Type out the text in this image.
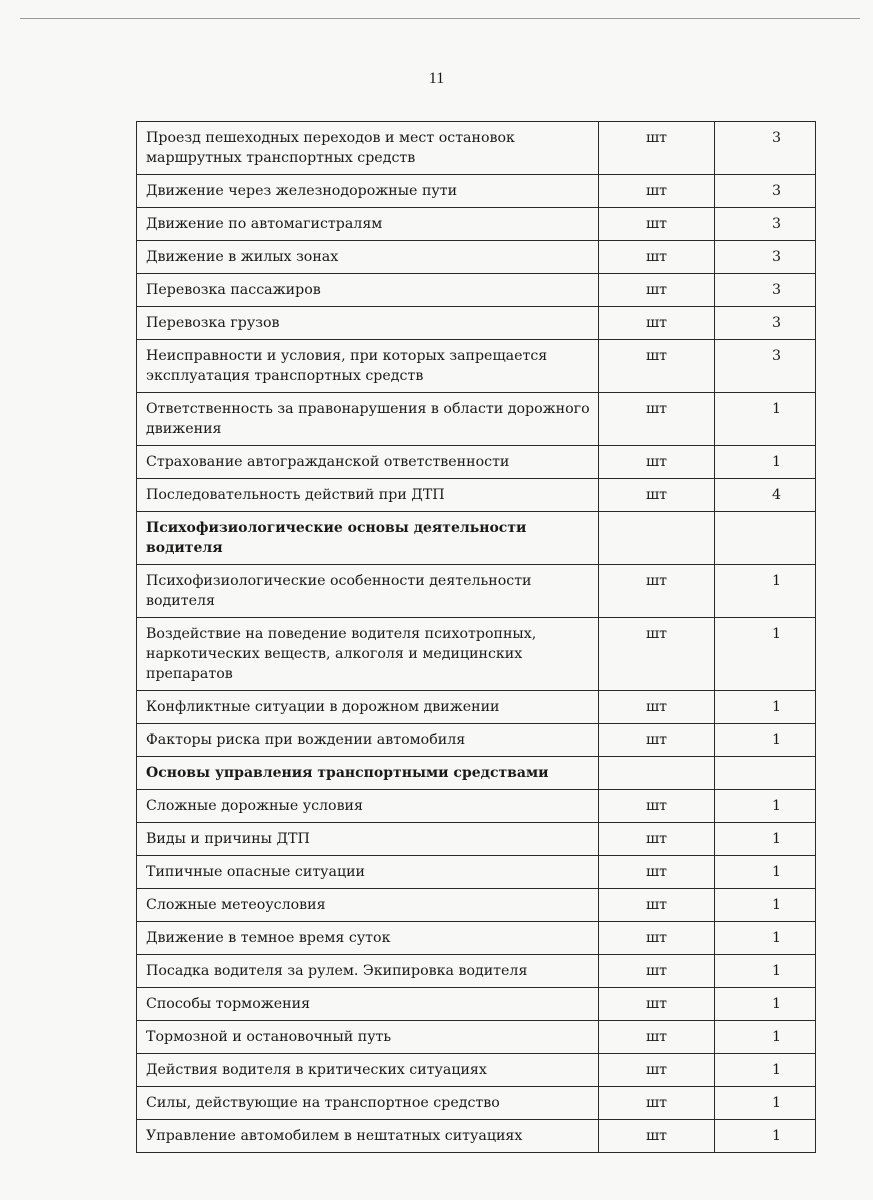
11
Проезд пешеходных переходов и мест остановок маршрутных транспортных средств	шт	3
Движение через железнодорожные пути	шт	3
Движение по автомагистралям	шт	3
Движение в жилых зонах	шт	3
Перевозка пассажиров	шт	3
Перевозка грузов	шт	3
Неисправности и условия, при которых запрещается эксплуатация транспортных средств	шт	3
Ответственность за правонарушения в области дорожного движения	шт	1
Страхование автогражданской ответственности	шт	1
Последовательность действий при ДТП	шт	4
Психофизиологические основы деятельности водителя		
Психофизиологические особенности деятельности водителя	шт	1
Воздействие на поведение водителя психотропных, наркотических веществ, алкоголя и медицинских препаратов	шт	1
Конфликтные ситуации в дорожном движении	шт	1
Факторы риска при вождении автомобиля	шт	1
Основы управления транспортными средствами		
Сложные дорожные условия	шт	1
Виды и причины ДТП	шт	1
Типичные опасные ситуации	шт	1
Сложные метеоусловия	шт	1
Движение в темное время суток	шт	1
Посадка водителя за рулем. Экипировка водителя	шт	1
Способы торможения	шт	1
Тормозной и остановочный путь	шт	1
Действия водителя в критических ситуациях	шт	1
Силы, действующие на транспортное средство	шт	1
Управление автомобилем в нештатных ситуациях	шт	1
